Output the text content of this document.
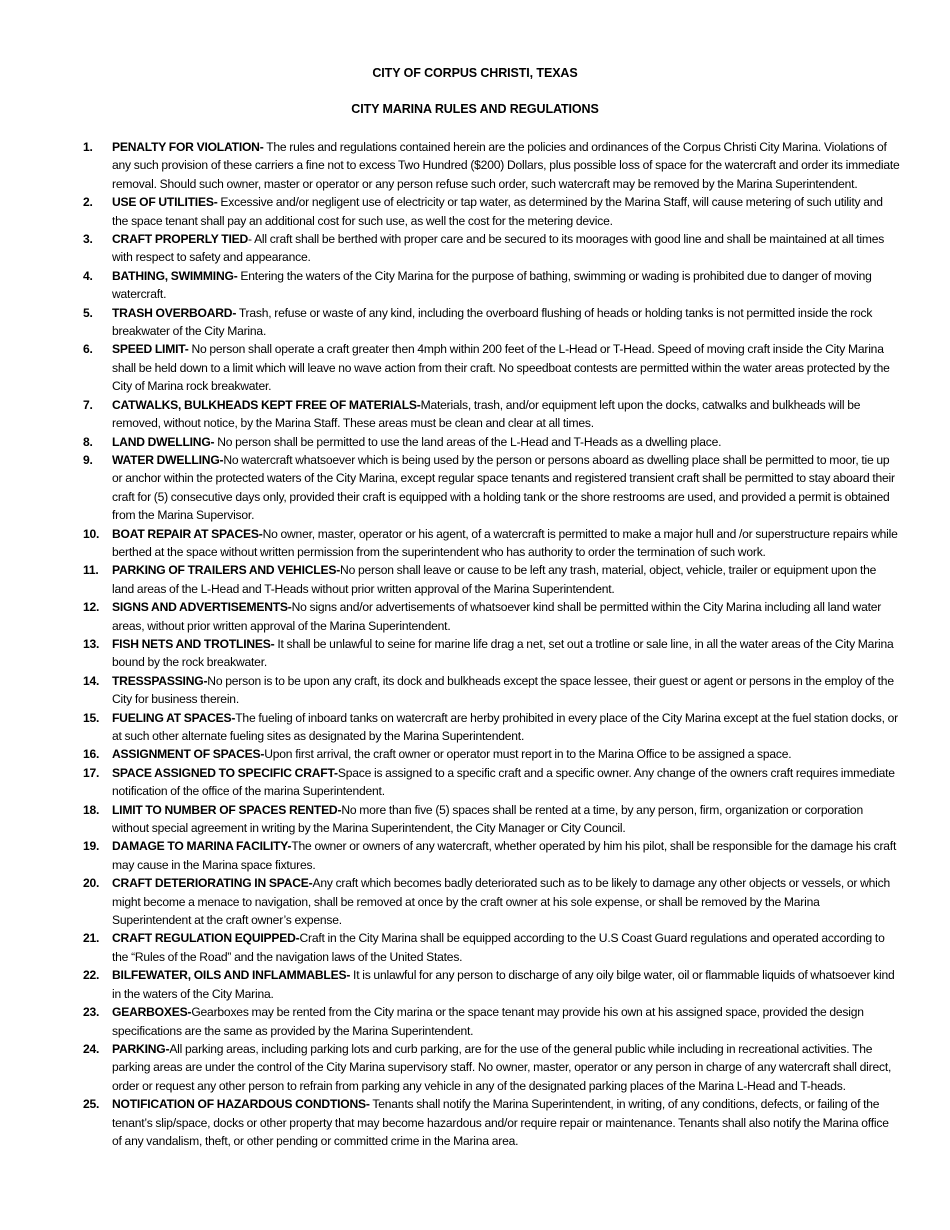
CITY OF CORPUS CHRISTI, TEXAS
CITY MARINA RULES AND REGULATIONS
1. PENALTY FOR VIOLATION- The rules and regulations contained herein are the policies and ordinances of the Corpus Christi City Marina. Violations of any such provision of these carriers a fine not to excess Two Hundred ($200) Dollars, plus possible loss of space for the watercraft and order its immediate removal. Should such owner, master or operator or any person refuse such order, such watercraft may be removed by the Marina Superintendent.
2. USE OF UTILITIES- Excessive and/or negligent use of electricity or tap water, as determined by the Marina Staff, will cause metering of such utility and the space tenant shall pay an additional cost for such use, as well the cost for the metering device.
3. CRAFT PROPERLY TIED- All craft shall be berthed with proper care and be secured to its moorages with good line and shall be maintained at all times with respect to safety and appearance.
4. BATHING, SWIMMING- Entering the waters of the City Marina for the purpose of bathing, swimming or wading is prohibited due to danger of moving watercraft.
5. TRASH OVERBOARD- Trash, refuse or waste of any kind, including the overboard flushing of heads or holding tanks is not permitted inside the rock breakwater of the City Marina.
6. SPEED LIMIT- No person shall operate a craft greater then 4mph within 200 feet of the L-Head or T-Head. Speed of moving craft inside the City Marina shall be held down to a limit which will leave no wave action from their craft. No speedboat contests are permitted within the water areas protected by the City of Marina rock breakwater.
7. CATWALKS, BULKHEADS KEPT FREE OF MATERIALS-Materials, trash, and/or equipment left upon the docks, catwalks and bulkheads will be removed, without notice, by the Marina Staff. These areas must be clean and clear at all times.
8. LAND DWELLING- No person shall be permitted to use the land areas of the L-Head and T-Heads as a dwelling place.
9. WATER DWELLING-No watercraft whatsoever which is being used by the person or persons aboard as dwelling place shall be permitted to moor, tie up or anchor within the protected waters of the City Marina, except regular space tenants and registered transient craft shall be permitted to stay aboard their craft for (5) consecutive days only, provided their craft is equipped with a holding tank or the shore restrooms are used, and provided a permit is obtained from the Marina Supervisor.
10. BOAT REPAIR AT SPACES-No owner, master, operator or his agent, of a watercraft is permitted to make a major hull and /or superstructure repairs while berthed at the space without written permission from the superintendent who has authority to order the termination of such work.
11. PARKING OF TRAILERS AND VEHICLES-No person shall leave or cause to be left any trash, material, object, vehicle, trailer or equipment upon the land areas of the L-Head and T-Heads without prior written approval of the Marina Superintendent.
12. SIGNS AND ADVERTISEMENTS-No signs and/or advertisements of whatsoever kind shall be permitted within the City Marina including all land water areas, without prior written approval of the Marina Superintendent.
13. FISH NETS AND TROTLINES- It shall be unlawful to seine for marine life drag a net, set out a trotline or sale line, in all the water areas of the City Marina bound by the rock breakwater.
14. TRESSPASSING-No person is to be upon any craft, its dock and bulkheads except the space lessee, their guest or agent or persons in the employ of the City for business therein.
15. FUELING AT SPACES-The fueling of inboard tanks on watercraft are herby prohibited in every place of the City Marina except at the fuel station docks, or at such other alternate fueling sites as designated by the Marina Superintendent.
16. ASSIGNMENT OF SPACES-Upon first arrival, the craft owner or operator must report in to the Marina Office to be assigned a space.
17. SPACE ASSIGNED TO SPECIFIC CRAFT-Space is assigned to a specific craft and a specific owner. Any change of the owners craft requires immediate notification of the office of the marina Superintendent.
18. LIMIT TO NUMBER OF SPACES RENTED-No more than five (5) spaces shall be rented at a time, by any person, firm, organization or corporation without special agreement in writing by the Marina Superintendent, the City Manager or City Council.
19. DAMAGE TO MARINA FACILITY-The owner or owners of any watercraft, whether operated by him his pilot, shall be responsible for the damage his craft may cause in the Marina space fixtures.
20. CRAFT DETERIORATING IN SPACE-Any craft which becomes badly deteriorated such as to be likely to damage any other objects or vessels, or which might become a menace to navigation, shall be removed at once by the craft owner at his sole expense, or shall be removed by the Marina Superintendent at the craft owner’s expense.
21. CRAFT REGULATION EQUIPPED-Craft in the City Marina shall be equipped according to the U.S Coast Guard regulations and operated according to the “Rules of the Road” and the navigation laws of the United States.
22. BILFEWATER, OILS AND INFLAMMABLES- It is unlawful for any person to discharge of any oily bilge water, oil or flammable liquids of whatsoever kind in the waters of the City Marina.
23. GEARBOXES-Gearboxes may be rented from the City marina or the space tenant may provide his own at his assigned space, provided the design specifications are the same as provided by the Marina Superintendent.
24. PARKING-All parking areas, including parking lots and curb parking, are for the use of the general public while including in recreational activities. The parking areas are under the control of the City Marina supervisory staff. No owner, master, operator or any person in charge of any watercraft shall direct, order or request any other person to refrain from parking any vehicle in any of the designated parking places of the Marina L-Head and T-heads.
25. NOTIFICATION OF HAZARDOUS CONDTIONS- Tenants shall notify the Marina Superintendent, in writing, of any conditions, defects, or failing of the tenant’s slip/space, docks or other property that may become hazardous and/or require repair or maintenance. Tenants shall also notify the Marina office of any vandalism, theft, or other pending or committed crime in the Marina area.
